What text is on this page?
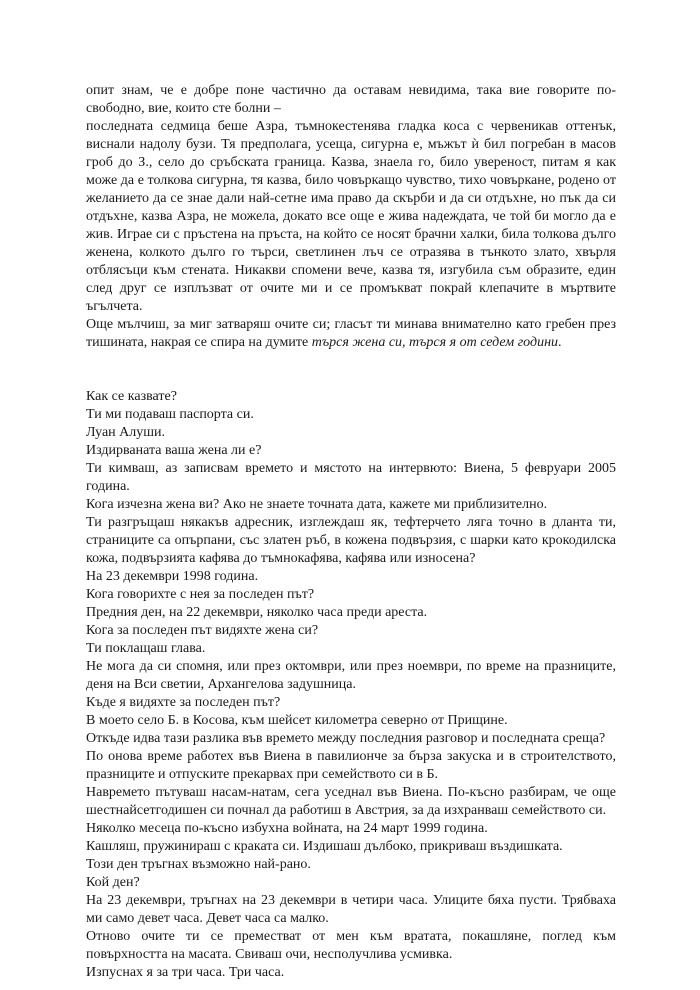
опит знам, че е добре поне частично да оставам невидима, така вие говорите по-свободно, вие, които сте болни –

последната седмица беше Азра, тъмнокестенява гладка коса с червеникав оттенък, виснали надолу бузи. Тя предполага, усеща, сигурна е, мъжът ѝ бил погребан в масов гроб до З., село до сръбската граница. Казва, знаела го, било увереност, питам я как може да е толкова сигурна, тя казва, било човъркащо чувство, тихо човъркане, родено от желанието да се знае дали най-сетне има право да скърби и да си отдъхне, но пък да си отдъхне, казва Азра, не можела, докато все още е жива надеждата, че той би могло да е жив. Играе си с пръстена на пръста, на който се носят брачни халки, била толкова дълго женена, колкото дълго го търси, светлинен лъч се отразява в тънкото злато, хвърля отблясъци към стената. Никакви спомени вече, казва тя, изгубила съм образите, един след друг се изплъзват от очите ми и се промъкват покрай клепачите в мъртвите ъгълчета.

Още мълчиш, за миг затваряш очите си; гласът ти минава внимателно като гребен през тишината, накрая се спира на думите търся жена си, търся я от седем години.

Как се казвате?

Ти ми подаваш паспорта си.

Луан Алуши.

Издирваната ваша жена ли е?

Ти кимваш, аз записвам времето и мястото на интервюто: Виена, 5 февруари 2005 година.

Кога изчезна жена ви? Ако не знаете точната дата, кажете ми приблизително.

Ти разгръщаш някакъв адресник, изглеждаш як, тефтерчето ляга точно в дланта ти, страниците са опърпани, със златен ръб, в кожена подвързия, с шарки като крокодилска кожа, подвързията кафява до тъмнокафява, кафява или износена?

На 23 декември 1998 година.

Кога говорихте с нея за последен път?

Предния ден, на 22 декември, няколко часа преди ареста.

Кога за последен път видяхте жена си?

Ти поклащаш глава.

Не мога да си спомня, или през октомври, или през ноември, по време на празниците, деня на Вси светии, Архангелова задушница.

Къде я видяхте за последен път?

В моето село Б. в Косова, към шейсет километра северно от Прищине.

Откъде идва тази разлика във времето между последния разговор и последната среща?

По онова време работех във Виена в павилионче за бърза закуска и в строителството, празниците и отпуските прекарвах при семейството си в Б.

Навремето пътуваш насам-натам, сега уседнал във Виена. По-късно разбирам, че още шестнайсетгодишен си почнал да работиш в Австрия, за да изхранваш семейството си.

Няколко месеца по-късно избухна войната, на 24 март 1999 година.

Кашляш, пружинираш с краката си. Издишаш дълбоко, прикриваш въздишката.

Този ден тръгнах възможно най-рано.

Кой ден?

На 23 декември, тръгнах на 23 декември в четири часа. Улиците бяха пусти. Трябваха ми само девет часа. Девет часа са малко.

Отново очите ти се преместват от мен към вратата, покашляне, поглед към повърхността на масата. Свиваш очи, несполучлива усмивка.

Изпуснах я за три часа. Три часа.
